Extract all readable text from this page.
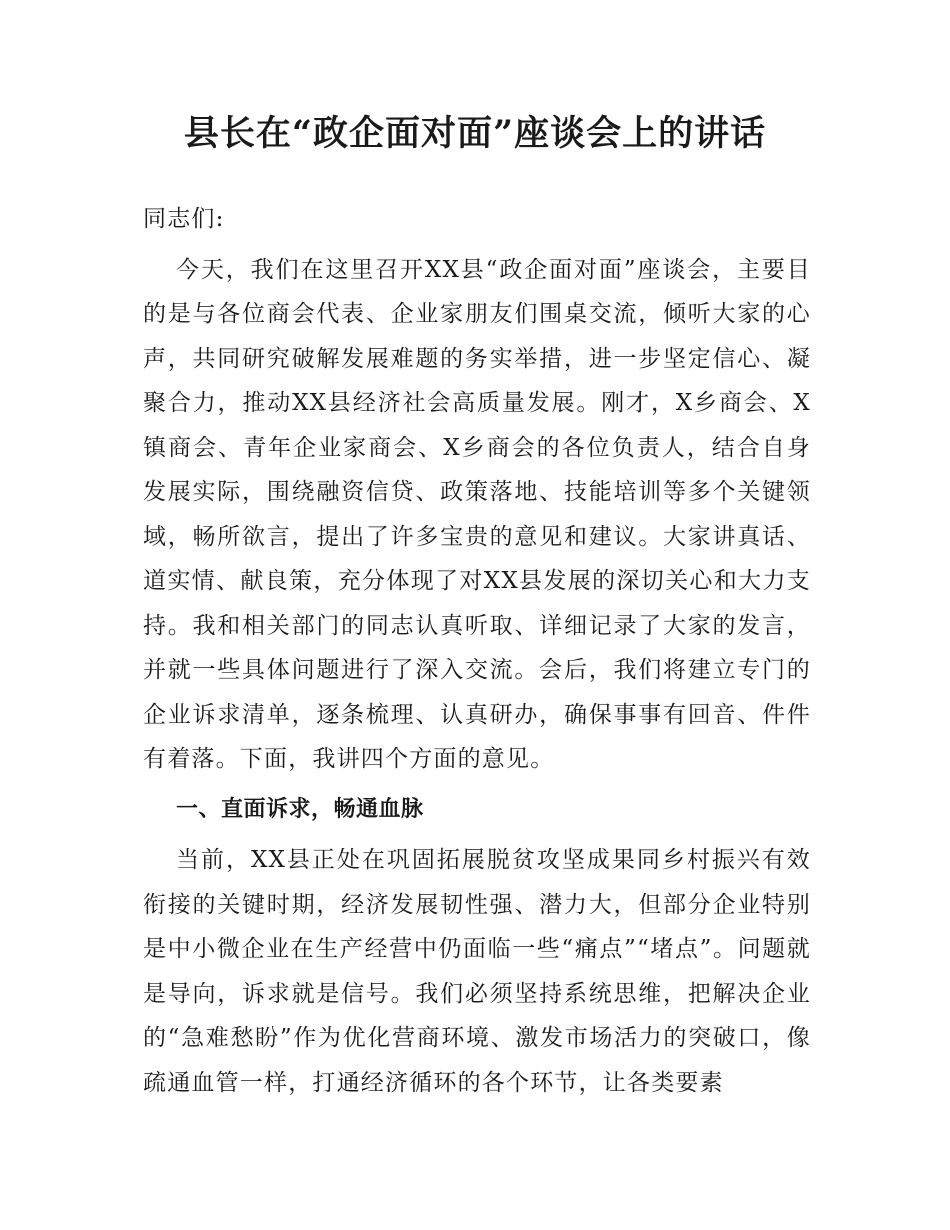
县长在“政企面对面”座谈会上的讲话

同志们:

今天，我们在这里召开XX县“政企面对面”座谈会，主要目的是与各位商会代表、企业家朋友们围桌交流，倾听大家的心声，共同研究破解发展难题的务实举措，进一步坚定信心、凝聚合力，推动XX县经济社会高质量发展。刚才，X乡商会、X镇商会、青年企业家商会、X乡商会的各位负责人，结合自身发展实际，围绕融资信贷、政策落地、技能培训等多个关键领域，畅所欲言，提出了许多宝贵的意见和建议。大家讲真话、道实情、献良策，充分体现了对XX县发展的深切关心和大力支持。我和相关部门的同志认真听取、详细记录了大家的发言，并就一些具体问题进行了深入交流。会后，我们将建立专门的企业诉求清单，逐条梳理、认真研办，确保事事有回音、件件有着落。下面，我讲四个方面的意见。

一、直面诉求，畅通血脉

当前，XX县正处在巩固拓展脱贫攻坚成果同乡村振兴有效衔接的关键时期，经济发展韧性强、潜力大，但部分企业特别是中小微企业在生产经营中仍面临一些“痛点”“堵点”。问题就是导向，诉求就是信号。我们必须坚持系统思维，把解决企业的“急难愁盼”作为优化营商环境、激发市场活力的突破口，像疏通血管一样，打通经济循环的各个环节，让各类要素
